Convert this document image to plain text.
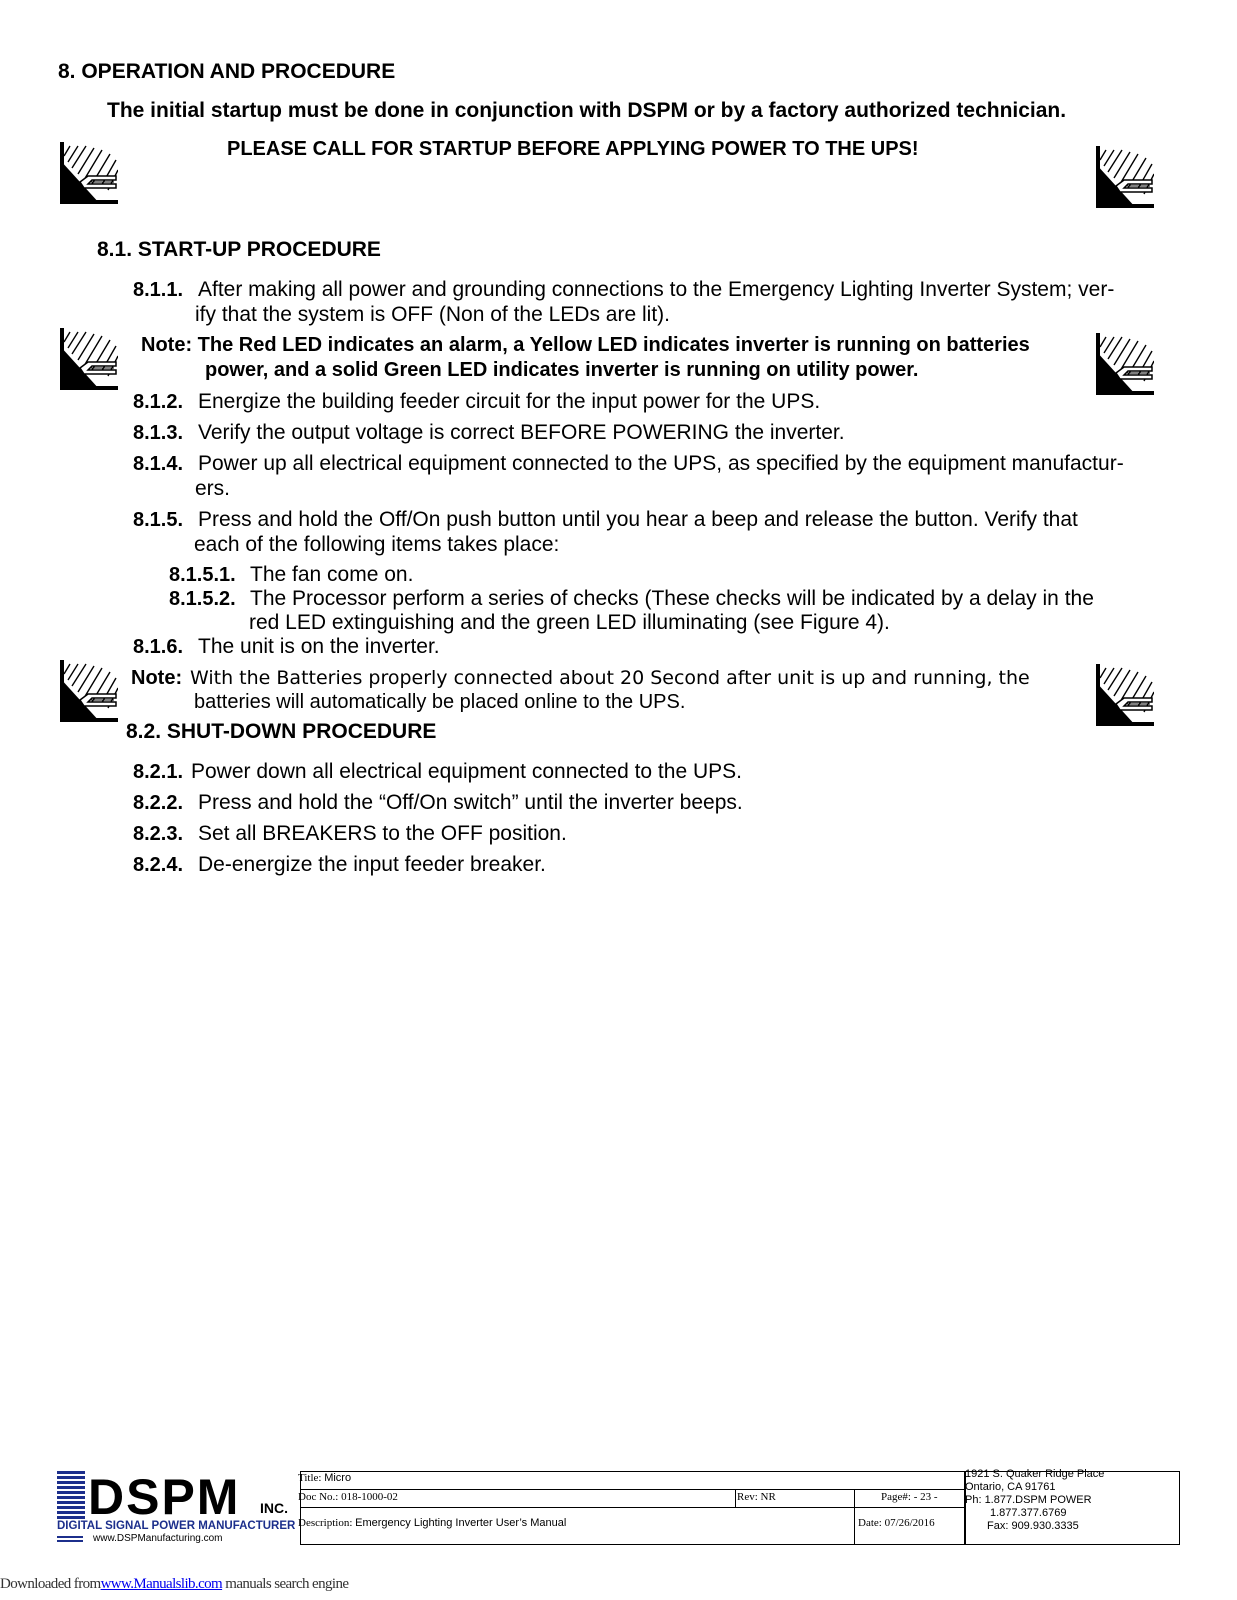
8. OPERATION AND PROCEDURE
The initial startup must be done in conjunction with DSPM or by a factory authorized technician.
PLEASE CALL FOR STARTUP BEFORE APPLYING POWER TO THE UPS!
8.1. START-UP PROCEDURE
8.1.1. After making all power and grounding connections to the Emergency Lighting Inverter System; ver-
ify that the system is OFF (Non of the LEDs are lit).
Note: The Red LED indicates an alarm, a Yellow LED indicates inverter is running on batteries
power, and a solid Green LED indicates inverter is running on utility power.
8.1.2. Energize the building feeder circuit for the input power for the UPS.
8.1.3. Verify the output voltage is correct BEFORE POWERING the inverter.
8.1.4. Power up all electrical equipment connected to the UPS, as specified by the equipment manufactur-
ers.
8.1.5. Press and hold the Off/On push button until you hear a beep and release the button. Verify that
each of the following items takes place:
8.1.5.1. The fan come on.
8.1.5.2. The Processor perform a series of checks (These checks will be indicated by a delay in the
red LED extinguishing and the green LED illuminating (see Figure 4).
8.1.6. The unit is on the inverter.
Note: With the Batteries properly connected about 20 Second after unit is up and running, the
batteries will automatically be placed online to the UPS.
8.2. SHUT-DOWN PROCEDURE
8.2.1. Power down all electrical equipment connected to the UPS.
8.2.2. Press and hold the “Off/On switch” until the inverter beeps.
8.2.3. Set all BREAKERS to the OFF position.
8.2.4. De-energize the input feeder breaker.
DSPM INC.
DIGITAL SIGNAL POWER MANUFACTURER
www.DSPManufacturing.com
Title: Micro
Doc No.: 018-1000-02	Rev: NR	Page#: - 23 -
Description: Emergency Lighting Inverter User’s Manual	Date: 07/26/2016
1921 S. Quaker Ridge Place
Ontario, CA 91761
Ph: 1.877.DSPM POWER
1.877.377.6769
Fax: 909.930.3335
Downloaded fromwww.Manualslib.com manuals search engine
